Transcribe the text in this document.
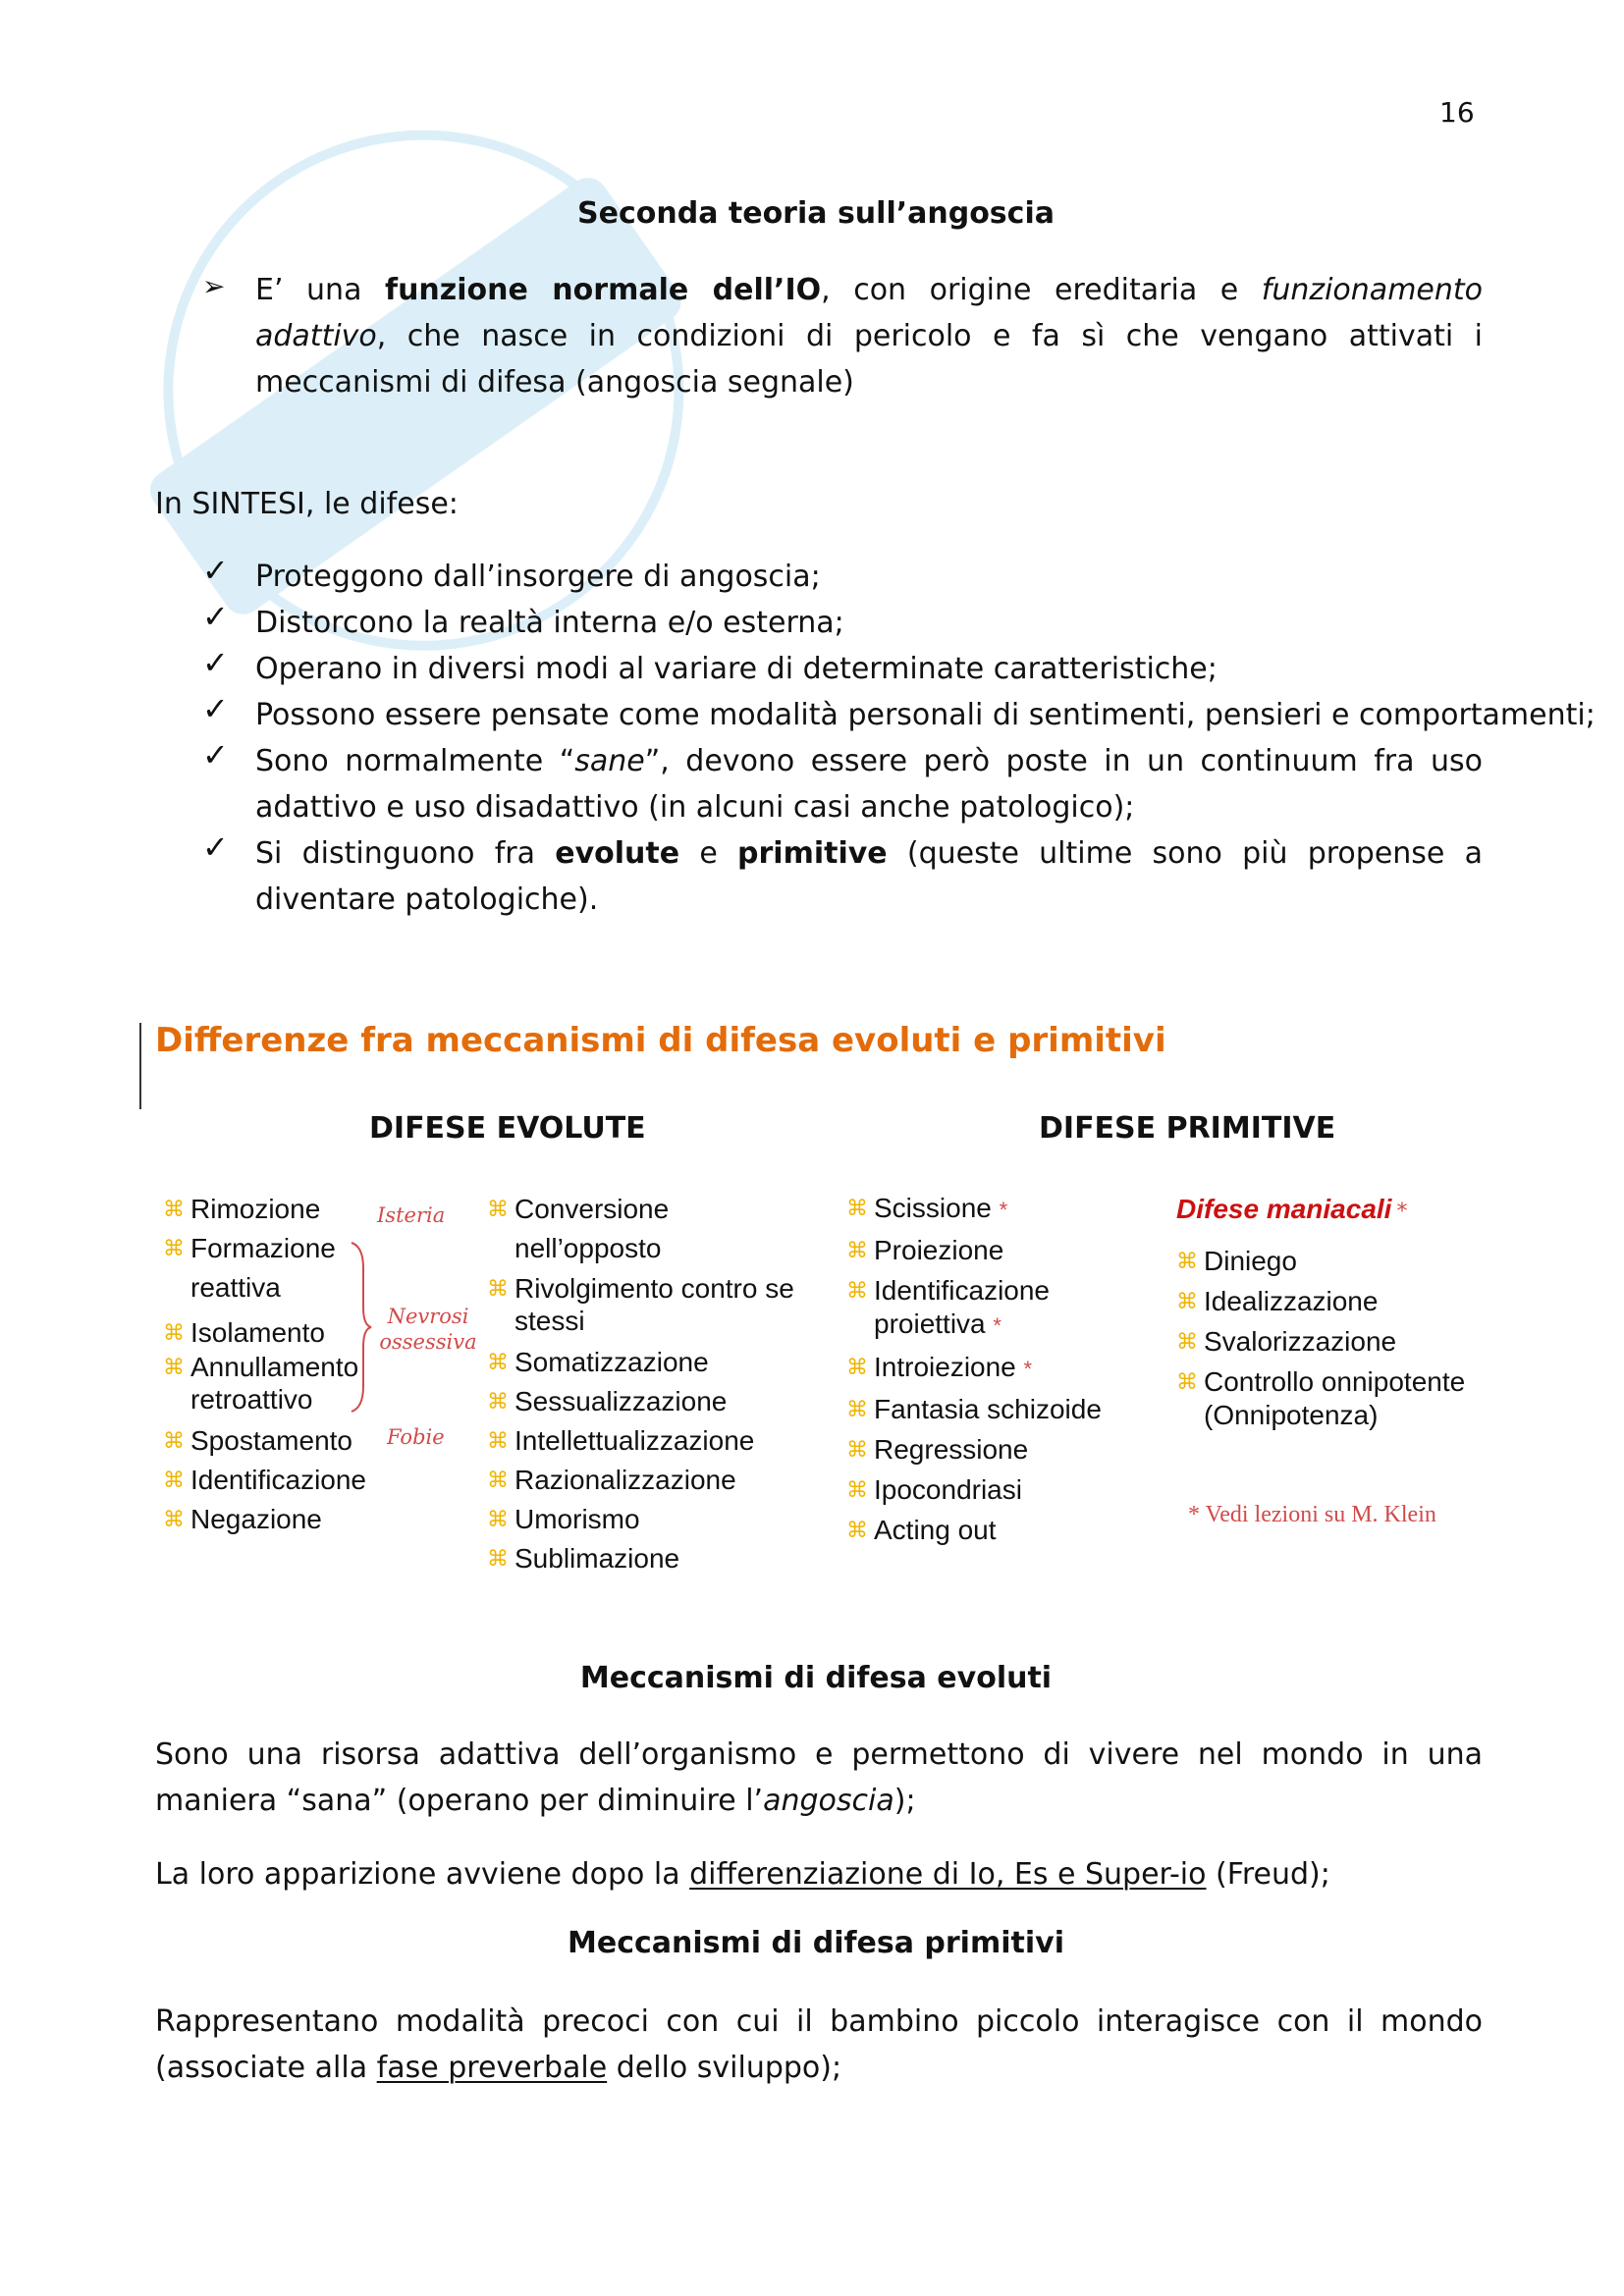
16
Seconda teoria sull’angoscia
➢ E’ una funzione normale dell’IO, con origine ereditaria e funzionamento adattivo, che nasce in condizioni di pericolo e fa sì che vengano attivati i meccanismi di difesa (angoscia segnale)
In SINTESI, le difese:
✓ Proteggono dall’insorgere di angoscia;
✓ Distorcono la realtà interna e/o esterna;
✓ Operano in diversi modi al variare di determinate caratteristiche;
✓ Possono essere pensate come modalità personali di sentimenti, pensieri e comportamenti;
✓ Sono normalmente “sane”, devono essere però poste in un continuum fra uso adattivo e uso disadattivo (in alcuni casi anche patologico);
✓ Si distinguono fra evolute e primitive (queste ultime sono più propense a diventare patologiche).
Differenze fra meccanismi di difesa evoluti e primitivi
DIFESE EVOLUTE	DIFESE PRIMITIVE
⌘ Rimozione
⌘ Formazione reattiva
⌘ Isolamento
⌘ Annullamento retroattivo
⌘ Spostamento
⌘ Identificazione
⌘ Negazione
Isteria
Nevrosi ossessiva
Fobie
⌘ Conversione nell’opposto
⌘ Rivolgimento contro se stessi
⌘ Somatizzazione
⌘ Sessualizzazione
⌘ Intellettualizzazione
⌘ Razionalizzazione
⌘ Umorismo
⌘ Sublimazione
⌘ Scissione *
⌘ Proiezione
⌘ Identificazione proiettiva *
⌘ Introiezione *
⌘ Fantasia schizoide
⌘ Regressione
⌘ Ipocondriasi
⌘ Acting out
Difese maniacali *
⌘ Diniego
⌘ Idealizzazione
⌘ Svalorizzazione
⌘ Controllo onnipotente (Onnipotenza)
* Vedi lezioni su M. Klein
Meccanismi di difesa evoluti
Sono una risorsa adattiva dell’organismo e permettono di vivere nel mondo in una maniera “sana” (operano per diminuire l’angoscia);
La loro apparizione avviene dopo la differenziazione di Io, Es e Super-io (Freud);
Meccanismi di difesa primitivi
Rappresentano modalità precoci con cui il bambino piccolo interagisce con il mondo (associate alla fase preverbale dello sviluppo);
